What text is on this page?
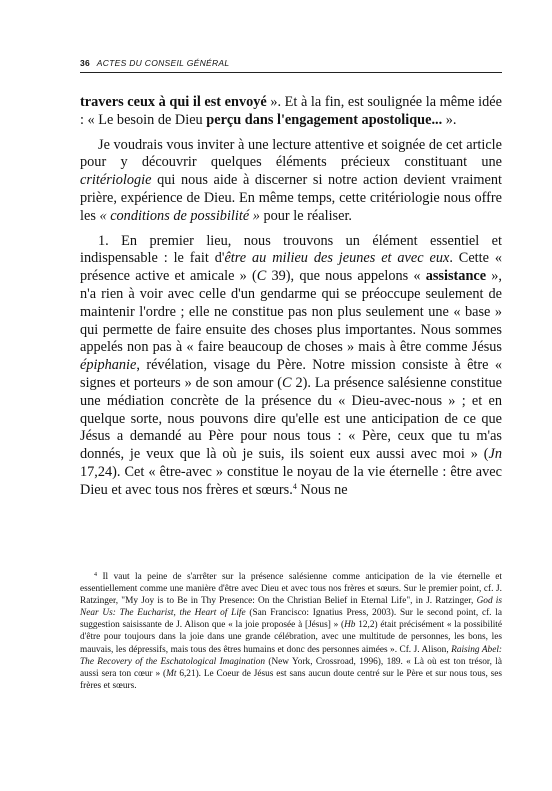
36 ACTES DU CONSEIL GÉNÉRAL

travers ceux à qui il est envoyé ». Et à la fin, est soulignée la même idée : « Le besoin de Dieu perçu dans l'engagement apostolique... ».

Je voudrais vous inviter à une lecture attentive et soignée de cet article pour y découvrir quelques éléments précieux constituant une critériologie qui nous aide à discerner si notre action devient vraiment prière, expérience de Dieu. En même temps, cette critériologie nous offre les « conditions de possibilité » pour le réaliser.

1. En premier lieu, nous trouvons un élément essentiel et indispensable : le fait d'être au milieu des jeunes et avec eux. Cette « présence active et amicale » (C 39), que nous appelons « assistance », n'a rien à voir avec celle d'un gendarme qui se préoccupe seulement de maintenir l'ordre ; elle ne constitue pas non plus seulement une « base » qui permette de faire ensuite des choses plus importantes. Nous sommes appelés non pas à « faire beaucoup de choses » mais à être comme Jésus épiphanie, révélation, visage du Père. Notre mission consiste à être « signes et porteurs » de son amour (C 2). La présence salésienne constitue une médiation concrète de la présence du « Dieu-avec-nous » ; et en quelque sorte, nous pouvons dire qu'elle est une anticipation de ce que Jésus a demandé au Père pour nous tous : « Père, ceux que tu m'as donnés, je veux que là où je suis, ils soient eux aussi avec moi » (Jn 17,24). Cet « être-avec » constitue le noyau de la vie éternelle : être avec Dieu et avec tous nos frères et sœurs.$^4$ Nous ne

$^4$ Il vaut la peine de s'arrêter sur la présence salésienne comme anticipation de la vie éternelle et essentiellement comme une manière d'être avec Dieu et avec tous nos frères et sœurs. Sur le premier point, cf. J. Ratzinger, "My Joy is to Be in Thy Presence: On the Christian Belief in Eternal Life", in J. Ratzinger, God is Near Us: The Eucharist, the Heart of Life (San Francisco: Ignatius Press, 2003). Sur le second point, cf. la suggestion saisissante de J. Alison que « la joie proposée à [Jésus] » (Hb 12,2) était précisément « la possibilité d'être pour toujours dans la joie dans une grande célébration, avec une multitude de personnes, les bons, les mauvais, les dépressifs, mais tous des êtres humains et donc des personnes aimées ». Cf. J. Alison, Raising Abel: The Recovery of the Eschatological Imagination (New York, Crossroad, 1996), 189. « Là où est ton trésor, là aussi sera ton cœur » (Mt 6,21). Le Coeur de Jésus est sans aucun doute centré sur le Père et sur nous tous, ses frères et sœurs.
